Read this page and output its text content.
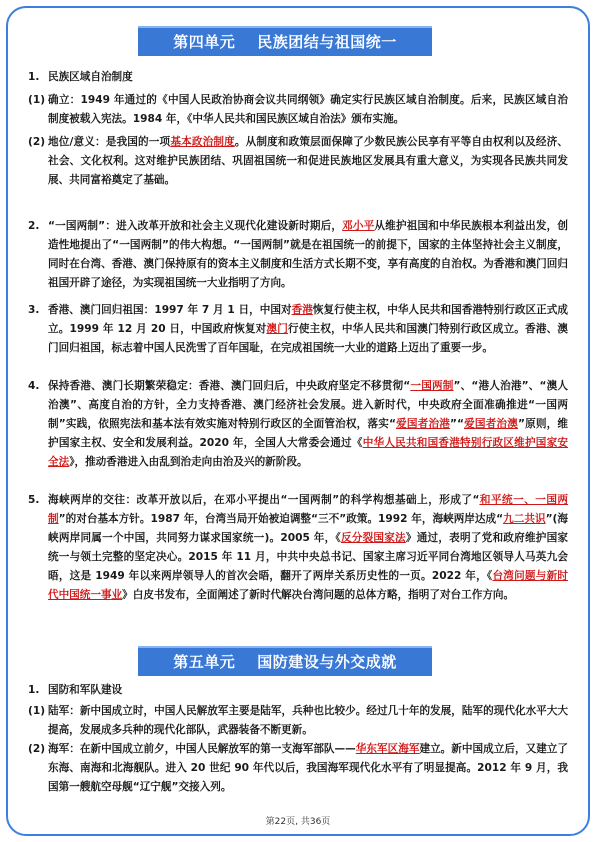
第四单元 民族团结与祖国统一
1. 民族区域自治制度
(1) 确立：1949 年通过的《中国人民政治协商会议共同纲领》确定实行民族区域自治制度。后来，民族区域自治制度被载入宪法。1984 年，《中华人民共和国民族区域自治法》颁布实施。
(2) 地位/意义：是我国的一项基本政治制度。从制度和政策层面保障了少数民族公民享有平等自由权利以及经济、社会、文化权利。这对维护民族团结、巩固祖国统一和促进民族地区发展具有重大意义，为实现各民族共同发展、共同富裕奠定了基础。
2. “一国两制”：进入改革开放和社会主义现代化建设新时期后，邓小平从维护祖国和中华民族根本利益出发，创造性地提出了“一国两制”的伟大构想。“一国两制”就是在祖国统一的前提下，国家的主体坚持社会主义制度，同时在台湾、香港、澳门保持原有的资本主义制度和生活方式长期不变，享有高度的自治权。为香港和澳门回归祖国开辟了途径，为实现祖国统一大业指明了方向。
3. 香港、澳门回归祖国：1997 年 7 月 1 日，中国对香港恢复行使主权，中华人民共和国香港特别行政区正式成立。1999 年 12 月 20 日，中国政府恢复对澳门行使主权，中华人民共和国澳门特别行政区成立。香港、澳门回归祖国，标志着中国人民洗雪了百年国耻，在完成祖国统一大业的道路上迈出了重要一步。
4. 保持香港、澳门长期繁荣稳定：香港、澳门回归后，中央政府坚定不移贯彻“一国两制”、“港人治港”、“澳人治澳”、高度自治的方针，全力支持香港、澳门经济社会发展。进入新时代，中央政府全面准确推进“一国两制”实践，依照宪法和基本法有效实施对特别行政区的全面管治权，落实“爱国者治港”“爱国者治澳”原则，维护国家主权、安全和发展利益。2020 年，全国人大常委会通过《中华人民共和国香港特别行政区维护国家安全法》，推动香港进入由乱到治走向由治及兴的新阶段。
5. 海峡两岸的交往：改革开放以后，在邓小平提出“一国两制”的科学构想基础上，形成了“和平统一、一国两制”的对台基本方针。1987 年，台湾当局开始被迫调整“三不”政策。1992 年，海峡两岸达成“九二共识”(海峡两岸同属一个中国，共同努力谋求国家统一)。2005 年，《反分裂国家法》通过，表明了党和政府维护国家统一与领土完整的坚定决心。2015 年 11 月，中共中央总书记、国家主席习近平同台湾地区领导人马英九会晤，这是 1949 年以来两岸领导人的首次会晤，翻开了两岸关系历史性的一页。2022 年，《台湾问题与新时代中国统一事业》白皮书发布，全面阐述了新时代解决台湾问题的总体方略，指明了对台工作方向。
1. 国防和军队建设
(1) 陆军：新中国成立时，中国人民解放军主要是陆军，兵种也比较少。经过几十年的发展，陆军的现代化水平大大提高，发展成多兵种的现代化部队，武器装备不断更新。
(2) 海军：在新中国成立前夕，中国人民解放军的第一支海军部队——华东军区海军建立。新中国成立后，又建立了东海、南海和北海舰队。进入 20 世纪 90 年代以后，我国海军现代化水平有了明显提高。2012 年 9 月，我国第一艘航空母舰“辽宁舰”交接入列。
第五单元 国防建设与外交成就
第22页, 共36页
